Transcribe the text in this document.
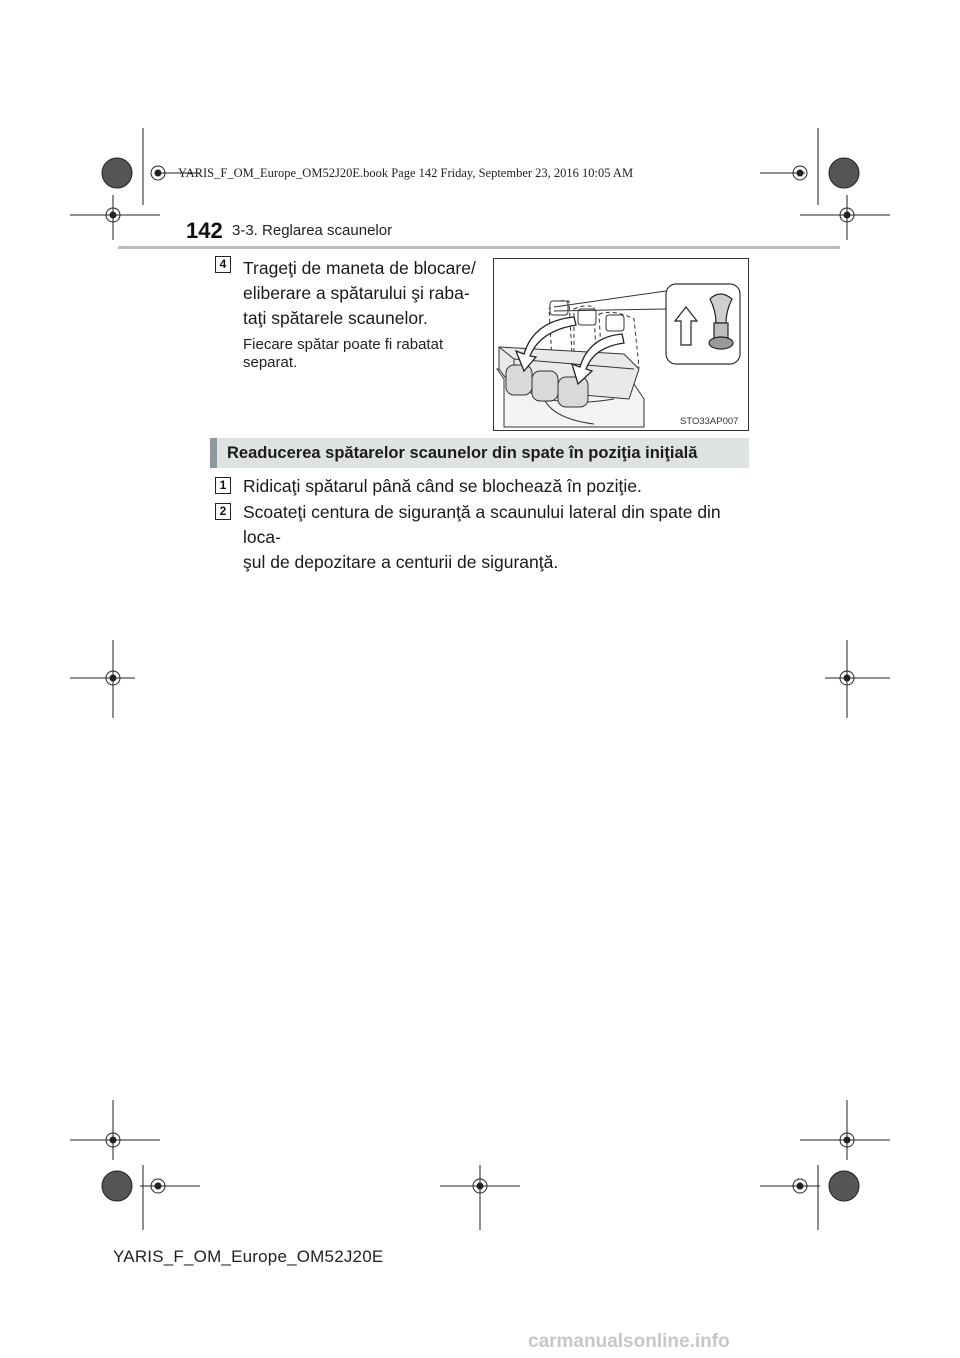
YARIS_F_OM_Europe_OM52J20E.book Page 142 Friday, September 23, 2016 10:05 AM
142 3-3. Reglarea scaunelor
4 Trageţi de maneta de blocare/
eliberare a spătarului şi raba-
taţi spătarele scaunelor.
Fiecare spătar poate fi rabatat
separat.
STO33AP007
Readucerea spătarelor scaunelor din spate în poziţia iniţială
1 Ridicaţi spătarul până când se blochează în poziţie.
2 Scoateţi centura de siguranţă a scaunului lateral din spate din loca-
şul de depozitare a centurii de siguranţă.
YARIS_F_OM_Europe_OM52J20E
carmanualsonline.info
